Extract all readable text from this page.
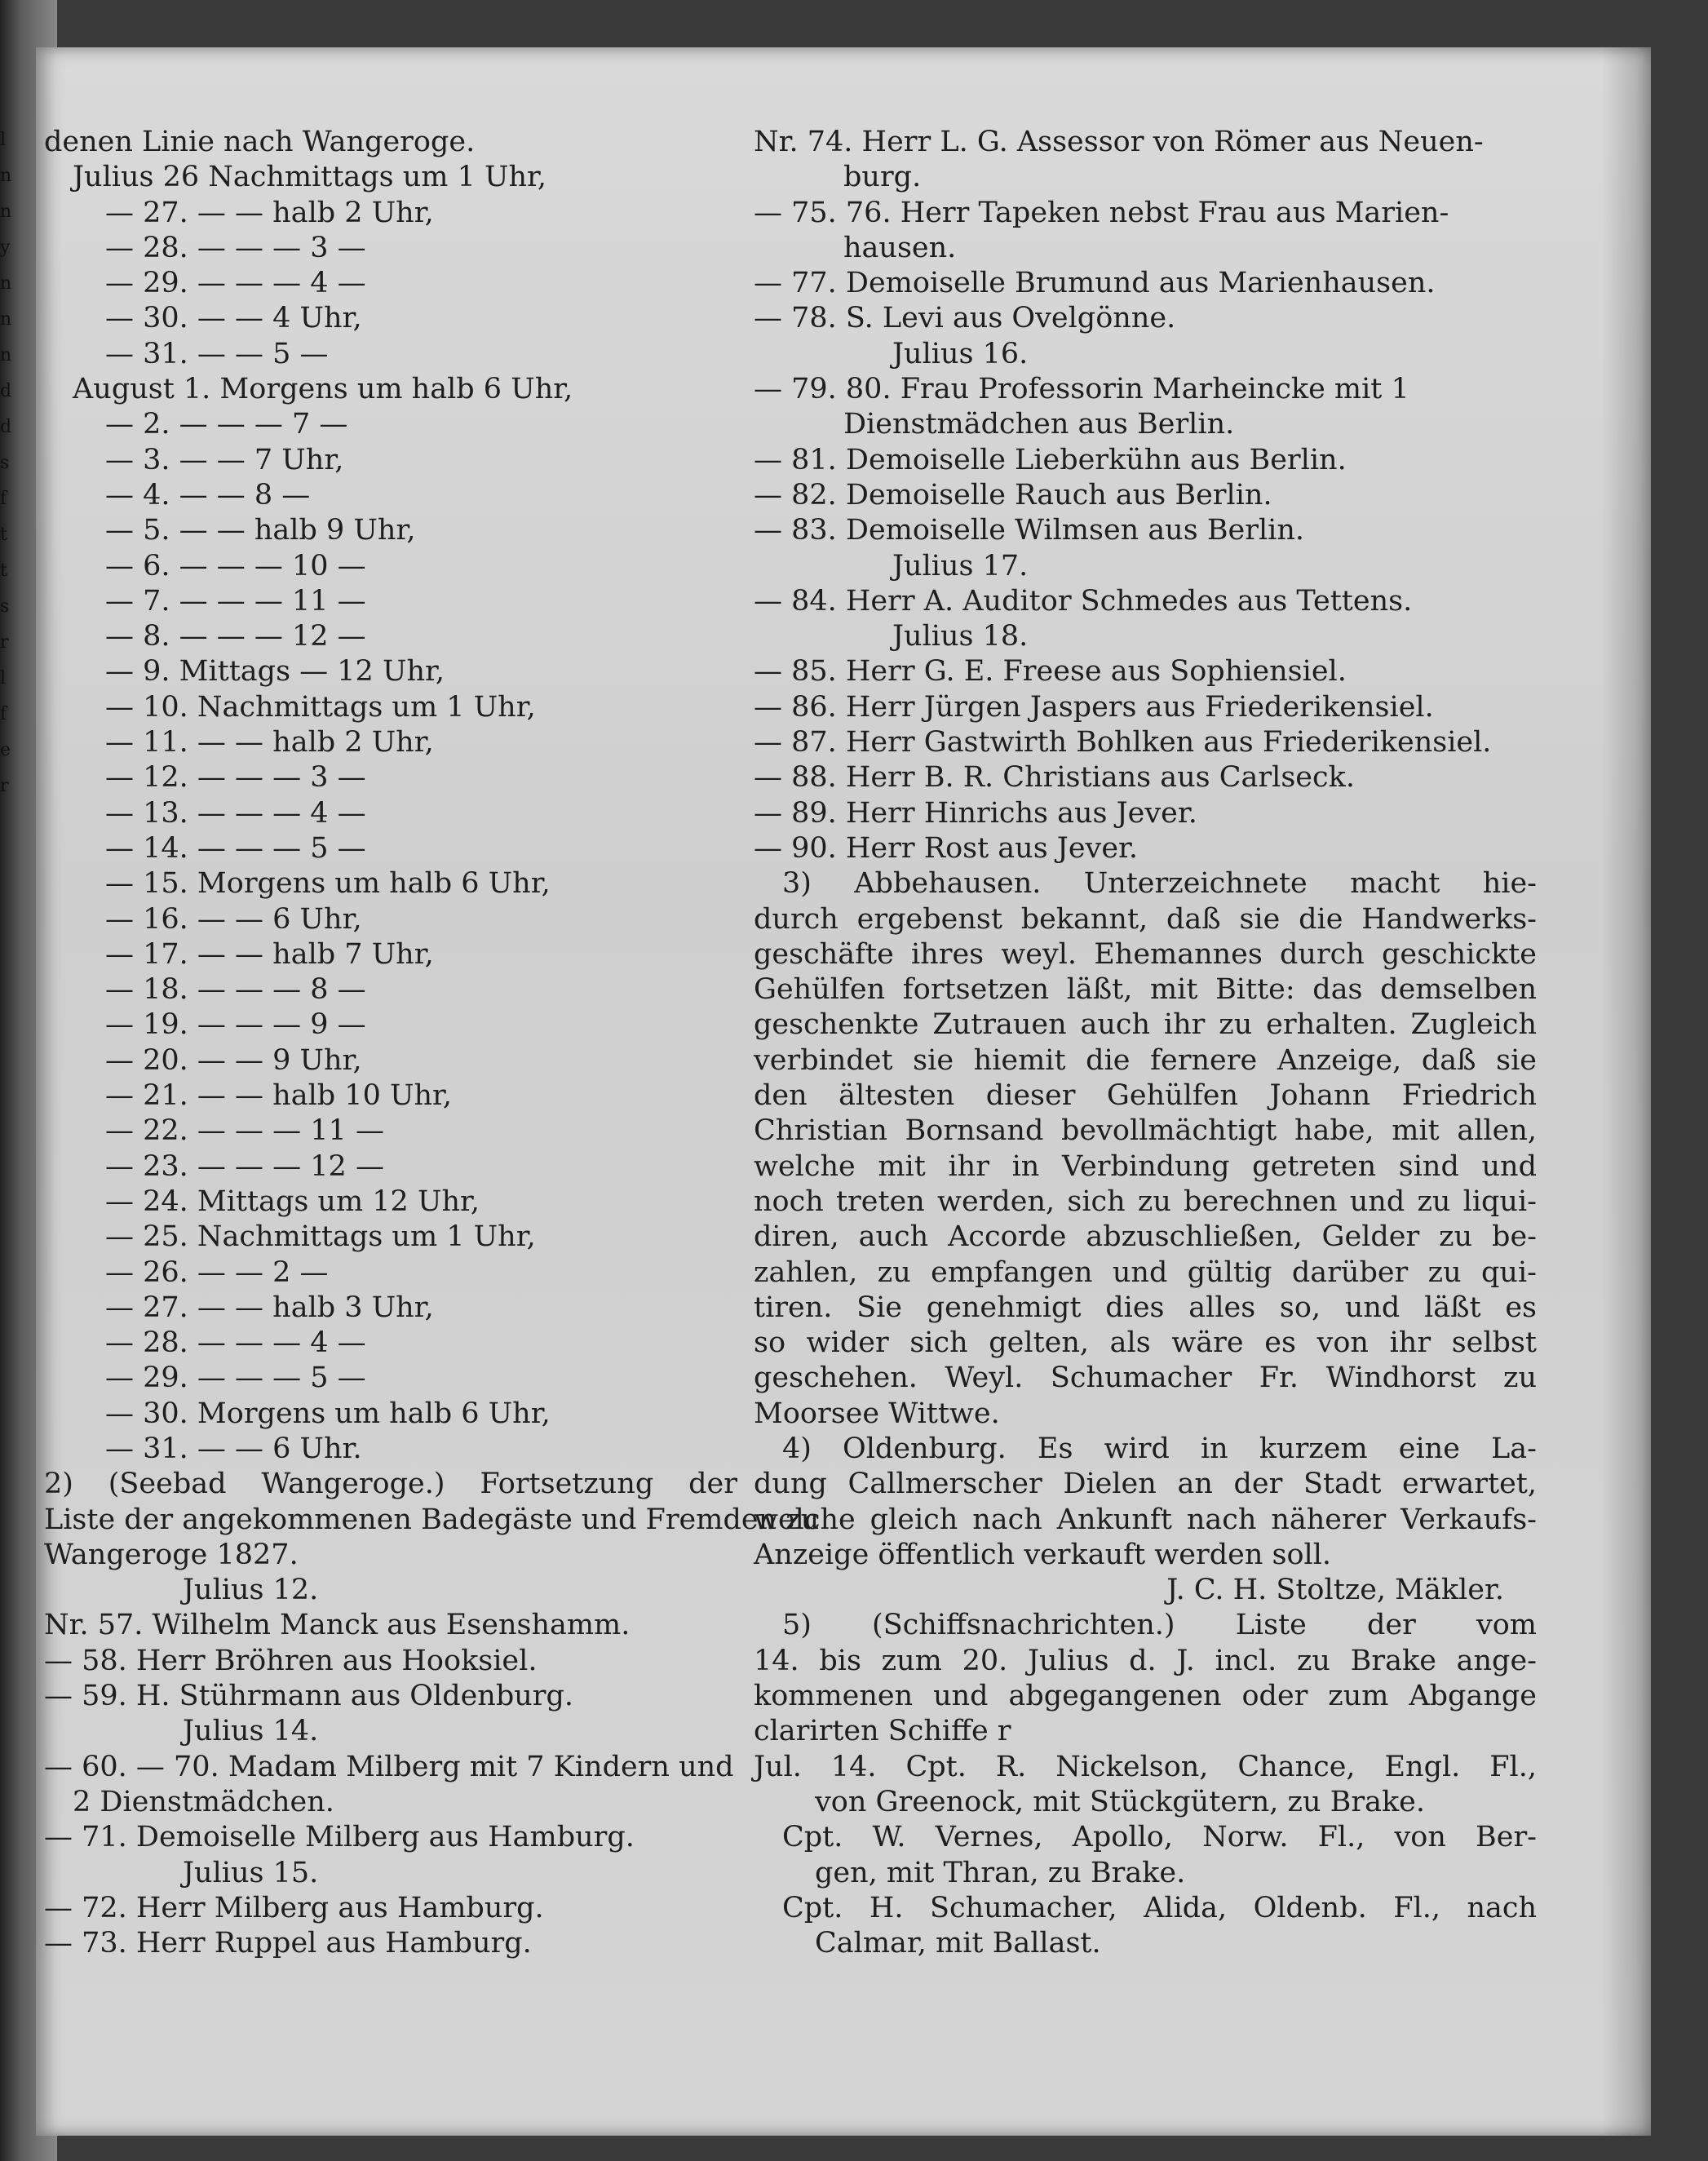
l
n
n
y
n
n
n
d
d
s
f
t
t
s
r
l
f
e
r
denen Linie nach Wangeroge.
Julius 26 Nachmittags um 1 Uhr,
— 27. — — halb 2 Uhr,
— 28. — — — 3 —
— 29. — — — 4 —
— 30. — — 4 Uhr,
— 31. — — 5 —
August 1. Morgens um halb 6 Uhr,
— 2. — — — 7 —
— 3. — — 7 Uhr,
— 4. — — 8 —
— 5. — — halb 9 Uhr,
— 6. — — — 10 —
— 7. — — — 11 —
— 8. — — — 12 —
— 9. Mittags — 12 Uhr,
— 10. Nachmittags um 1 Uhr,
— 11. — — halb 2 Uhr,
— 12. — — — 3 —
— 13. — — — 4 —
— 14. — — — 5 —
— 15. Morgens um halb 6 Uhr,
— 16. — — 6 Uhr,
— 17. — — halb 7 Uhr,
— 18. — — — 8 —
— 19. — — — 9 —
— 20. — — 9 Uhr,
— 21. — — halb 10 Uhr,
— 22. — — — 11 —
— 23. — — — 12 —
— 24. Mittags um 12 Uhr,
— 25. Nachmittags um 1 Uhr,
— 26. — — 2 —
— 27. — — halb 3 Uhr,
— 28. — — — 4 —
— 29. — — — 5 —
— 30. Morgens um halb 6 Uhr,
— 31. — — 6 Uhr.
2) (Seebad Wangeroge.) Fortsetzung der
Liste der angekommenen Badegäste und Fremden zu
Wangeroge 1827.
Julius 12.
Nr. 57. Wilhelm Manck aus Esenshamm.
— 58. Herr Bröhren aus Hooksiel.
— 59. H. Stührmann aus Oldenburg.
Julius 14.
— 60. — 70. Madam Milberg mit 7 Kindern und
2 Dienstmädchen.
— 71. Demoiselle Milberg aus Hamburg.
Julius 15.
— 72. Herr Milberg aus Hamburg.
— 73. Herr Ruppel aus Hamburg.
Nr. 74. Herr L. G. Assessor von Römer aus Neuen-
burg.
— 75. 76. Herr Tapeken nebst Frau aus Marien-
hausen.
— 77. Demoiselle Brumund aus Marienhausen.
— 78. S. Levi aus Ovelgönne.
Julius 16.
— 79. 80. Frau Professorin Marheincke mit 1
Dienstmädchen aus Berlin.
— 81. Demoiselle Lieberkühn aus Berlin.
— 82. Demoiselle Rauch aus Berlin.
— 83. Demoiselle Wilmsen aus Berlin.
Julius 17.
— 84. Herr A. Auditor Schmedes aus Tettens.
Julius 18.
— 85. Herr G. E. Freese aus Sophiensiel.
— 86. Herr Jürgen Jaspers aus Friederikensiel.
— 87. Herr Gastwirth Bohlken aus Friederikensiel.
— 88. Herr B. R. Christians aus Carlseck.
— 89. Herr Hinrichs aus Jever.
— 90. Herr Rost aus Jever.
3) Abbehausen. Unterzeichnete macht hie-
durch ergebenst bekannt, daß sie die Handwerks-
geschäfte ihres weyl. Ehemannes durch geschickte
Gehülfen fortsetzen läßt, mit Bitte: das demselben
geschenkte Zutrauen auch ihr zu erhalten. Zugleich
verbindet sie hiemit die fernere Anzeige, daß sie
den ältesten dieser Gehülfen Johann Friedrich
Christian Bornsand bevollmächtigt habe, mit allen,
welche mit ihr in Verbindung getreten sind und
noch treten werden, sich zu berechnen und zu liqui-
diren, auch Accorde abzuschließen, Gelder zu be-
zahlen, zu empfangen und gültig darüber zu qui-
tiren. Sie genehmigt dies alles so, und läßt es
so wider sich gelten, als wäre es von ihr selbst
geschehen. Weyl. Schumacher Fr. Windhorst zu
Moorsee Wittwe.
4) Oldenburg. Es wird in kurzem eine La-
dung Callmerscher Dielen an der Stadt erwartet,
welche gleich nach Ankunft nach näherer Verkaufs-
Anzeige öffentlich verkauft werden soll.
J. C. H. Stoltze, Mäkler.
5) (Schiffsnachrichten.) Liste der vom
14. bis zum 20. Julius d. J. incl. zu Brake ange-
kommenen und abgegangenen oder zum Abgange
clarirten Schiffe r
Jul. 14. Cpt. R. Nickelson, Chance, Engl. Fl.,
von Greenock, mit Stückgütern, zu Brake.
Cpt. W. Vernes, Apollo, Norw. Fl., von Ber-
gen, mit Thran, zu Brake.
Cpt. H. Schumacher, Alida, Oldenb. Fl., nach
Calmar, mit Ballast.
